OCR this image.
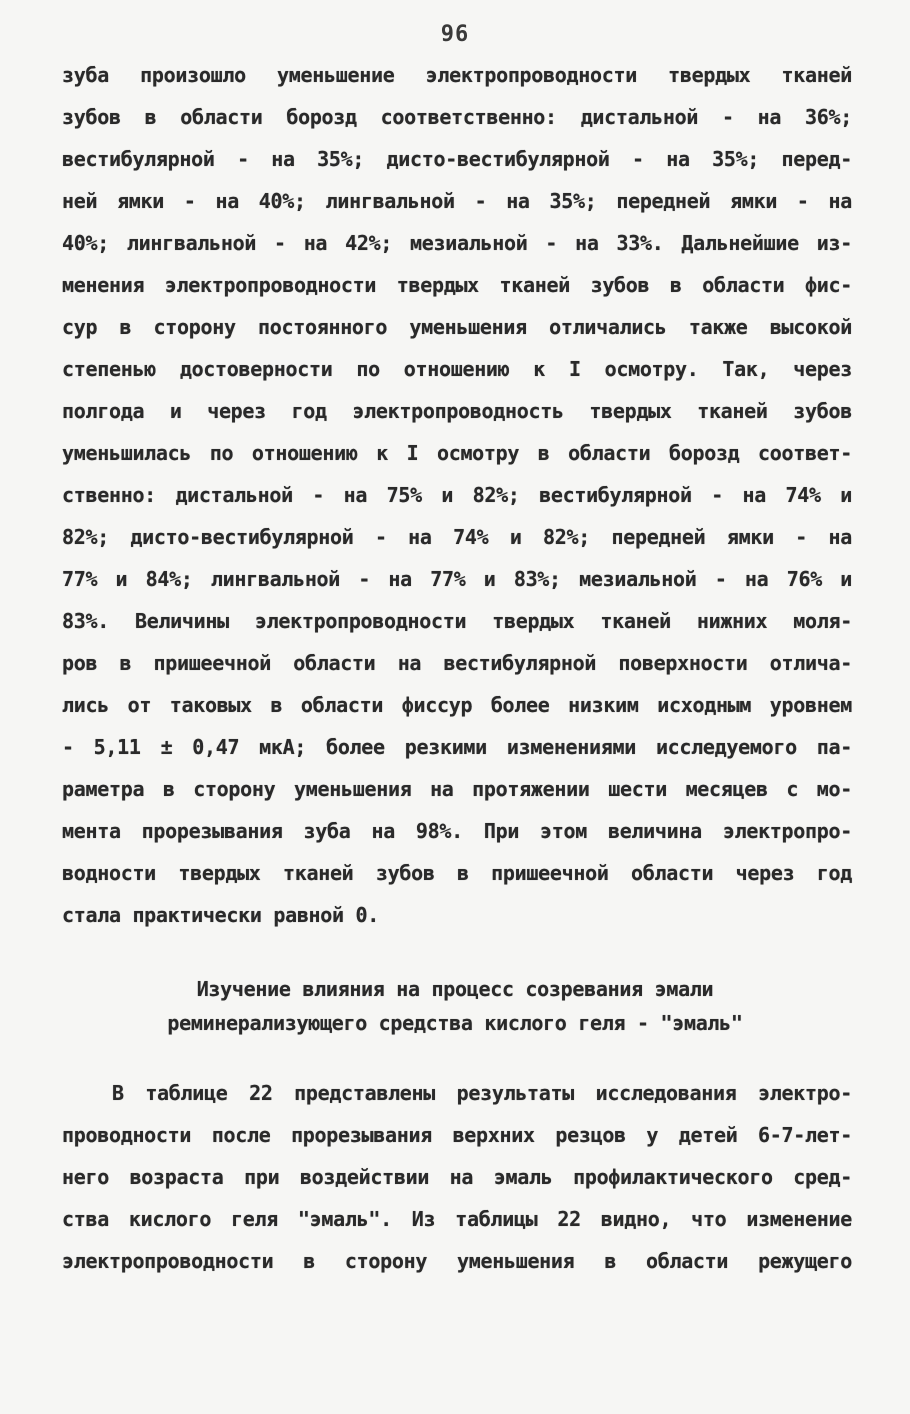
96
зуба произошло уменьшение электропроводности твердых тканей
зубов в области борозд соответственно: дистальной - на 36%;
вестибулярной - на 35%; дисто-вестибулярной - на 35%; перед-
ней ямки - на 40%; лингвальной - на 35%; передней ямки - на
40%; лингвальной - на 42%; мезиальной - на 33%. Дальнейшие из-
менения электропроводности твердых тканей зубов в области фис-
сур в сторону постоянного уменьшения отличались также высокой
степенью достоверности по отношению к I осмотру. Так, через
полгода и через год электропроводность твердых тканей зубов
уменьшилась по отношению к I осмотру в области борозд соответ-
ственно: дистальной - на 75% и 82%; вестибулярной - на 74% и
82%; дисто-вестибулярной - на 74% и 82%; передней ямки - на
77% и 84%; лингвальной - на 77% и 83%; мезиальной - на 76% и
83%. Величины электропроводности твердых тканей нижних моля-
ров в пришеечной области на вестибулярной поверхности отлича-
лись от таковых в области фиссур более низким исходным уровнем
- 5,11 ± 0,47 мкА; более резкими изменениями исследуемого па-
раметра в сторону уменьшения на протяжении шести месяцев с мо-
мента прорезывания зуба на 98%. При этом величина электропро-
водности твердых тканей зубов в пришеечной области через год
стала практически равной 0.
Изучение влияния на процесс созревания эмали
реминерализующего средства кислого геля - "эмаль"
В таблице 22 представлены результаты исследования электро-
проводности после прорезывания верхних резцов у детей 6-7-лет-
него возраста при воздействии на эмаль профилактического сред-
ства кислого геля "эмаль". Из таблицы 22 видно, что изменение
электропроводности в сторону уменьшения в области режущего
